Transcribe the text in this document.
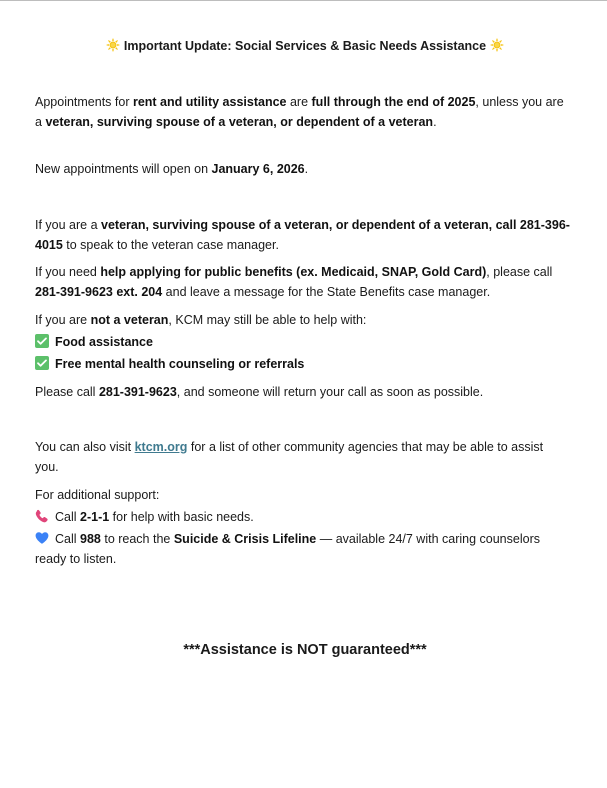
Important Update: Social Services & Basic Needs Assistance
Appointments for rent and utility assistance are full through the end of 2025, unless you are a veteran, surviving spouse of a veteran, or dependent of a veteran.
New appointments will open on January 6, 2026.
If you are a veteran, surviving spouse of a veteran, or dependent of a veteran, call 281-396-4015 to speak to the veteran case manager.
If you need help applying for public benefits (ex. Medicaid, SNAP, Gold Card), please call 281-391-9623 ext. 204 and leave a message for the State Benefits case manager.
If you are not a veteran, KCM may still be able to help with:
Food assistance
Free mental health counseling or referrals
Please call 281-391-9623, and someone will return your call as soon as possible.
You can also visit ktcm.org for a list of other community agencies that may be able to assist you.
For additional support:
Call 2-1-1 for help with basic needs.
Call 988 to reach the Suicide & Crisis Lifeline — available 24/7 with caring counselors ready to listen.
***Assistance is NOT guaranteed***
